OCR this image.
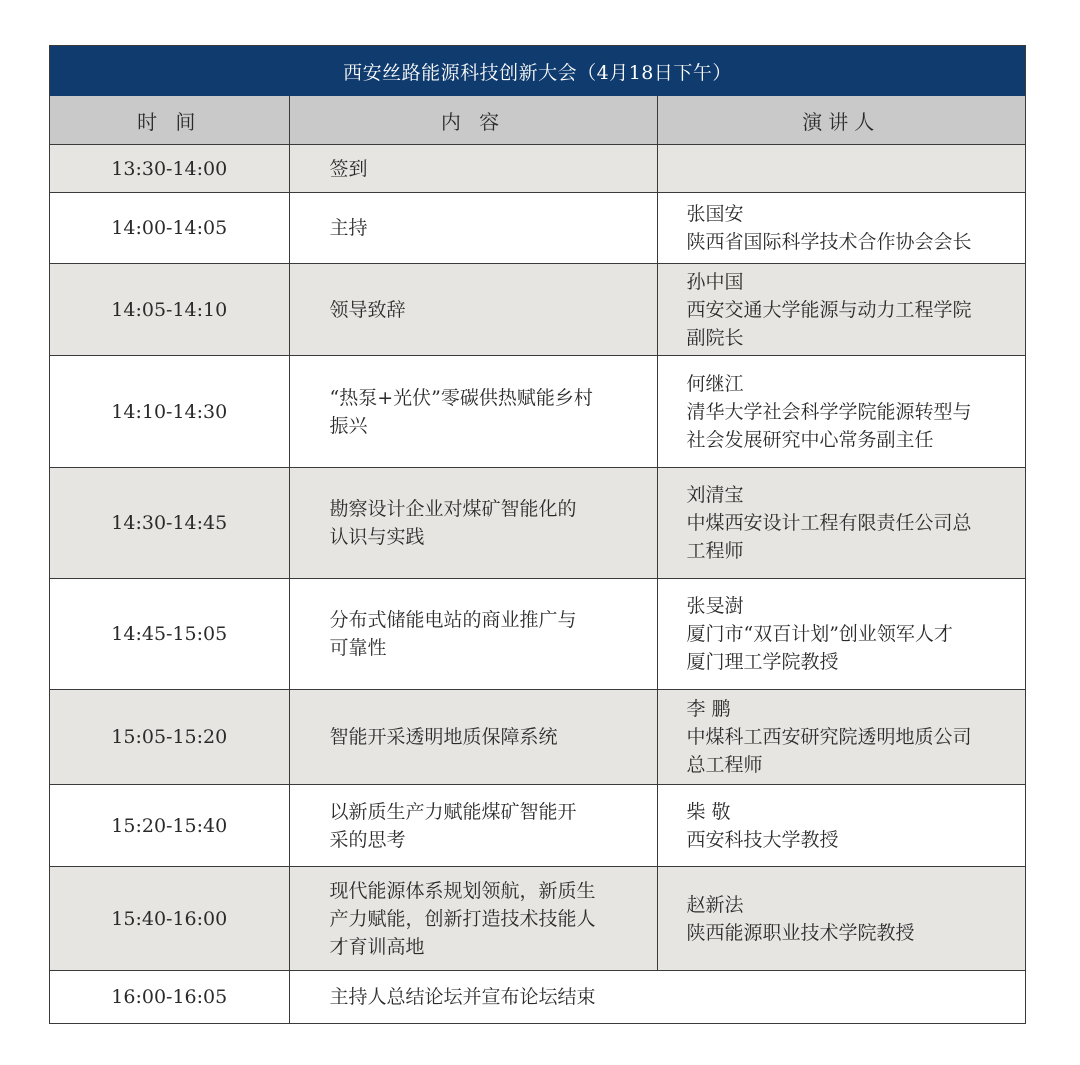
西安丝路能源科技创新大会（4月18日下午）
时 间	内 容	演讲人
13:30-14:00	签到	

14:00-14:05	主持	张国安
陕西省国际科学技术合作协会会长

14:05-14:10	领导致辞	孙中国
西安交通大学能源与动力工程学院
副院长

14:10-14:30	“热泵+光伏”零碳供热赋能乡村
振兴	何继江
清华大学社会科学学院能源转型与
社会发展研究中心常务副主任

14:30-14:45	勘察设计企业对煤矿智能化的
认识与实践	刘清宝
中煤西安设计工程有限责任公司总
工程师

14:45-15:05	分布式储能电站的商业推广与
可靠性	张旻澍
厦门市“双百计划”创业领军人才
厦门理工学院教授

15:05-15:20	智能开采透明地质保障系统	李 鹏
中煤科工西安研究院透明地质公司
总工程师

15:20-15:40	以新质生产力赋能煤矿智能开
采的思考	柴 敬
西安科技大学教授

15:40-16:00	现代能源体系规划领航，新质生
产力赋能，创新打造技术技能人
才育训高地	赵新法
陕西能源职业技术学院教授

16:00-16:05	主持人总结论坛并宣布论坛结束	
